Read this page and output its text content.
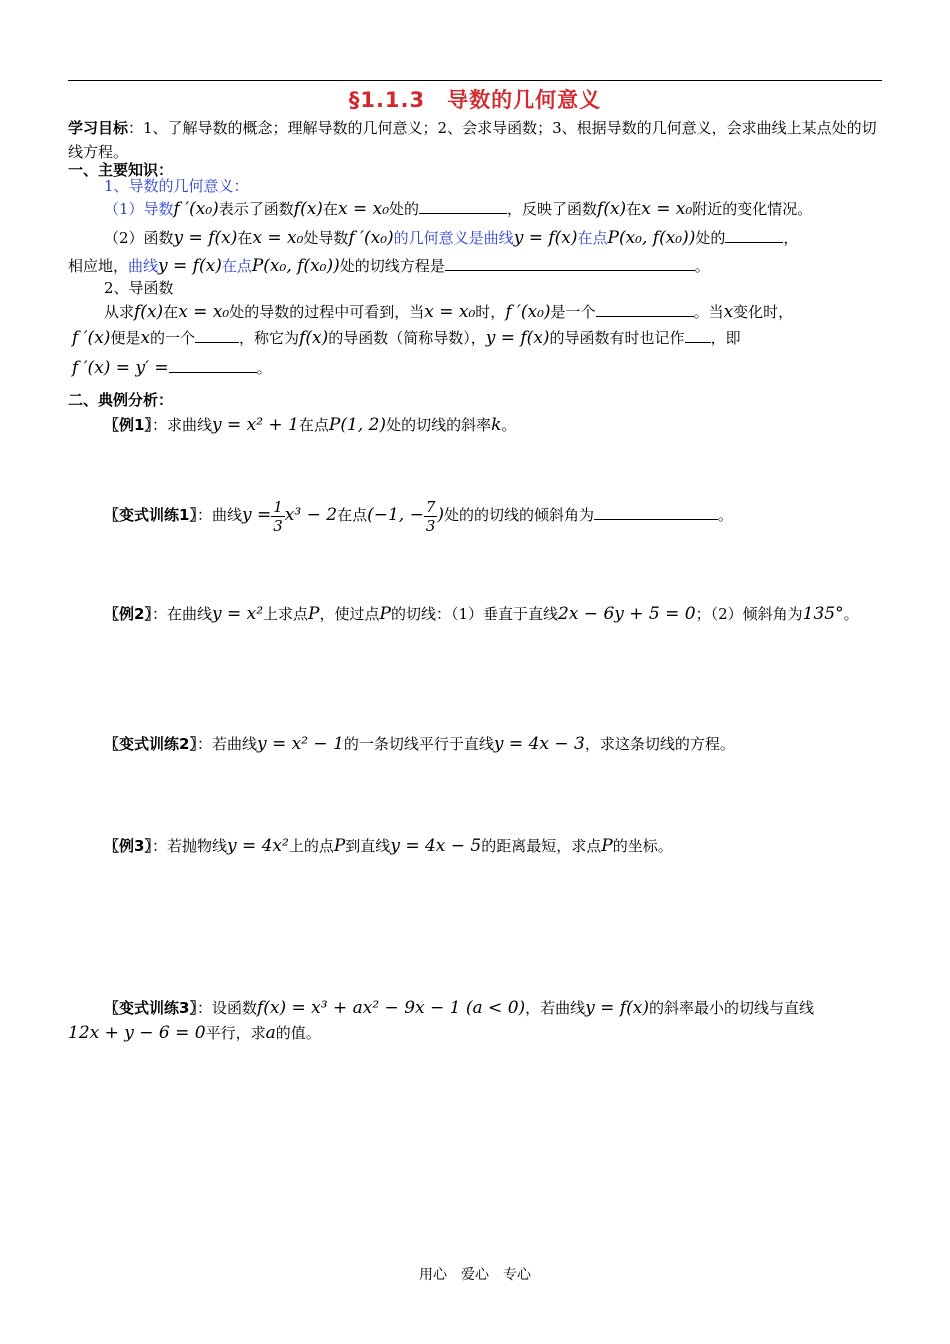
§1.1.3　导数的几何意义
学习目标：1、了解导数的概念；理解导数的几何意义；2、会求导函数；3、根据导数的几何意义，会求曲线上某点处的切线方程。
一、主要知识：
1、导数的几何意义：
（1）导数f ′(x₀)表示了函数f(x)在x = x₀处的	，反映了函数f(x)在x = x₀附近的变化情况。
（2）函数y = f(x)在x = x₀处导数f ′(x₀)的几何意义是曲线y = f(x)在点P(x₀, f(x₀))处的	，
相应地，曲线y = f(x)在点P(x₀, f(x₀))处的切线方程是	。
2、导函数
从求f(x)在x = x₀处的导数的过程中可看到，当x = x₀时，f ′(x₀)是一个	。当x变化时，
f ′(x)便是x的一个	，称它为f(x)的导函数（简称导数），y = f(x)的导函数有时也记作 ，即
f ′(x) = y′ =	。
二、典例分析：
〖例1〗：求曲线y = x² + 1在点P(1, 2)处的切线的斜率k。
〖变式训练1〗：曲线$y = \frac{1}{3} x^3 - 2$在点(−1, − $\frac{7}{3}$ )处的的切线的倾斜角为	。
〖例2〗：在曲线y = x²上求点P，使过点P的切线：（1）垂直于直线2x − 6y + 5 = 0；（2）倾斜角为135°。
〖变式训练2〗：若曲线y = x² − 1的一条切线平行于直线y = 4x − 3，求这条切线的方程。
〖例3〗：若抛物线y = 4x²上的点P到直线y = 4x − 5的距离最短，求点P的坐标。
〖变式训练3〗：设函数f(x) = x³ + ax² − 9x − 1 (a < 0)，若曲线y = f(x)的斜率最小的切线与直线
12x + y − 6 = 0平行，求a的值。
用心　爱心　专心
